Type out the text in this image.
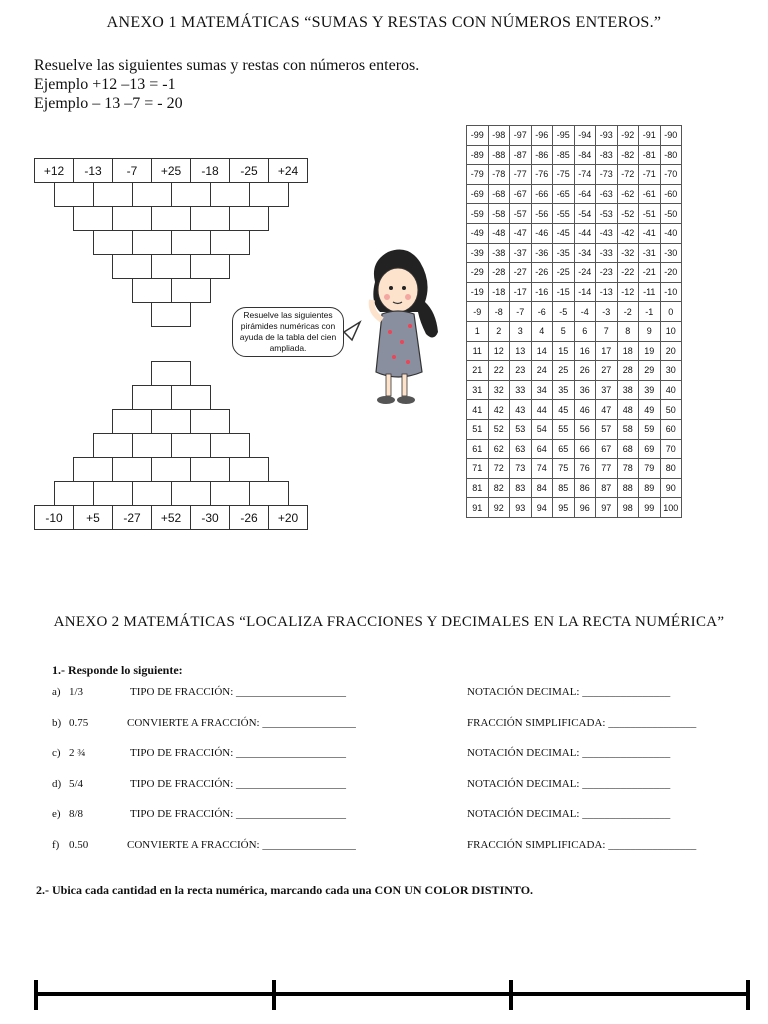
ANEXO 1 MATEMÁTICAS “SUMAS Y RESTAS CON NÚMEROS ENTEROS.”
Resuelve las siguientes sumas y restas con números enteros.
Ejemplo +12 –13 = -1
Ejemplo – 13 –7 = - 20
+12	-13	-7	+25	-18	-25	+24
-10	+5	-27	+52	-30	-26	+20
Resuelve las siguientes pirámides numéricas con ayuda de la tabla del cien ampliada.
-99	-98	-97	-96	-95	-94	-93	-92	-91	-90
-89	-88	-87	-86	-85	-84	-83	-82	-81	-80
-79	-78	-77	-76	-75	-74	-73	-72	-71	-70
-69	-68	-67	-66	-65	-64	-63	-62	-61	-60
-59	-58	-57	-56	-55	-54	-53	-52	-51	-50
-49	-48	-47	-46	-45	-44	-43	-42	-41	-40
-39	-38	-37	-36	-35	-34	-33	-32	-31	-30
-29	-28	-27	-26	-25	-24	-23	-22	-21	-20
-19	-18	-17	-16	-15	-14	-13	-12	-11	-10
-9	-8	-7	-6	-5	-4	-3	-2	-1	0
1	2	3	4	5	6	7	8	9	10
11	12	13	14	15	16	17	18	19	20
21	22	23	24	25	26	27	28	29	30
31	32	33	34	35	36	37	38	39	40
41	42	43	44	45	46	47	48	49	50
51	52	53	54	55	56	57	58	59	60
61	62	63	64	65	66	67	68	69	70
71	72	73	74	75	76	77	78	79	80
81	82	83	84	85	86	87	88	89	90
91	92	93	94	95	96	97	98	99	100
ANEXO 2 MATEMÁTICAS “LOCALIZA FRACCIONES Y DECIMALES EN LA RECTA NUMÉRICA”
1.- Responde lo siguiente:
a) 1/3	TIPO DE FRACCIÓN: ____________________	NOTACIÓN DECIMAL: ________________
b) 0.75	CONVIERTE A FRACCIÓN: _________________	FRACCIÓN SIMPLIFICADA: ________________
c) 2 ¾	TIPO DE FRACCIÓN: ____________________	NOTACIÓN DECIMAL: ________________
d) 5/4	TIPO DE FRACCIÓN: ____________________	NOTACIÓN DECIMAL: ________________
e) 8/8	TIPO DE FRACCIÓN: ____________________	NOTACIÓN DECIMAL: ________________
f) 0.50	CONVIERTE A FRACCIÓN: _________________	FRACCIÓN SIMPLIFICADA: ________________
2.- Ubica cada cantidad en la recta numérica, marcando cada una CON UN COLOR DISTINTO.
